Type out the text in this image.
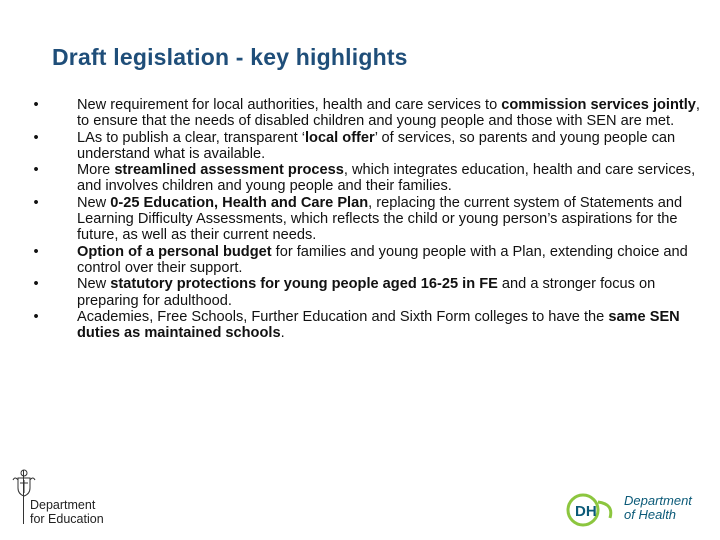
Draft legislation - key highlights
•	New requirement for local authorities, health and care services to commission services jointly, to ensure that the needs of disabled children and young people and those with SEN are met.
•	LAs to publish a clear, transparent ‘local offer’ of services, so parents and young people can understand what is available.
•	More streamlined assessment process, which integrates education, health and care services, and involves children and young people and their families.
•	New 0-25 Education, Health and Care Plan, replacing the current system of Statements and Learning Difficulty Assessments, which reflects the child or young person’s aspirations for the future, as well as their current needs.
•	Option of a personal budget for families and young people with a Plan, extending choice and control over their support.
•	New statutory protections for young people aged 16-25 in FE and a stronger focus on preparing for adulthood.
•	Academies, Free Schools, Further Education and Sixth Form colleges to have the same SEN duties as maintained schools.
Department
for Education	DH
Department
of Health
